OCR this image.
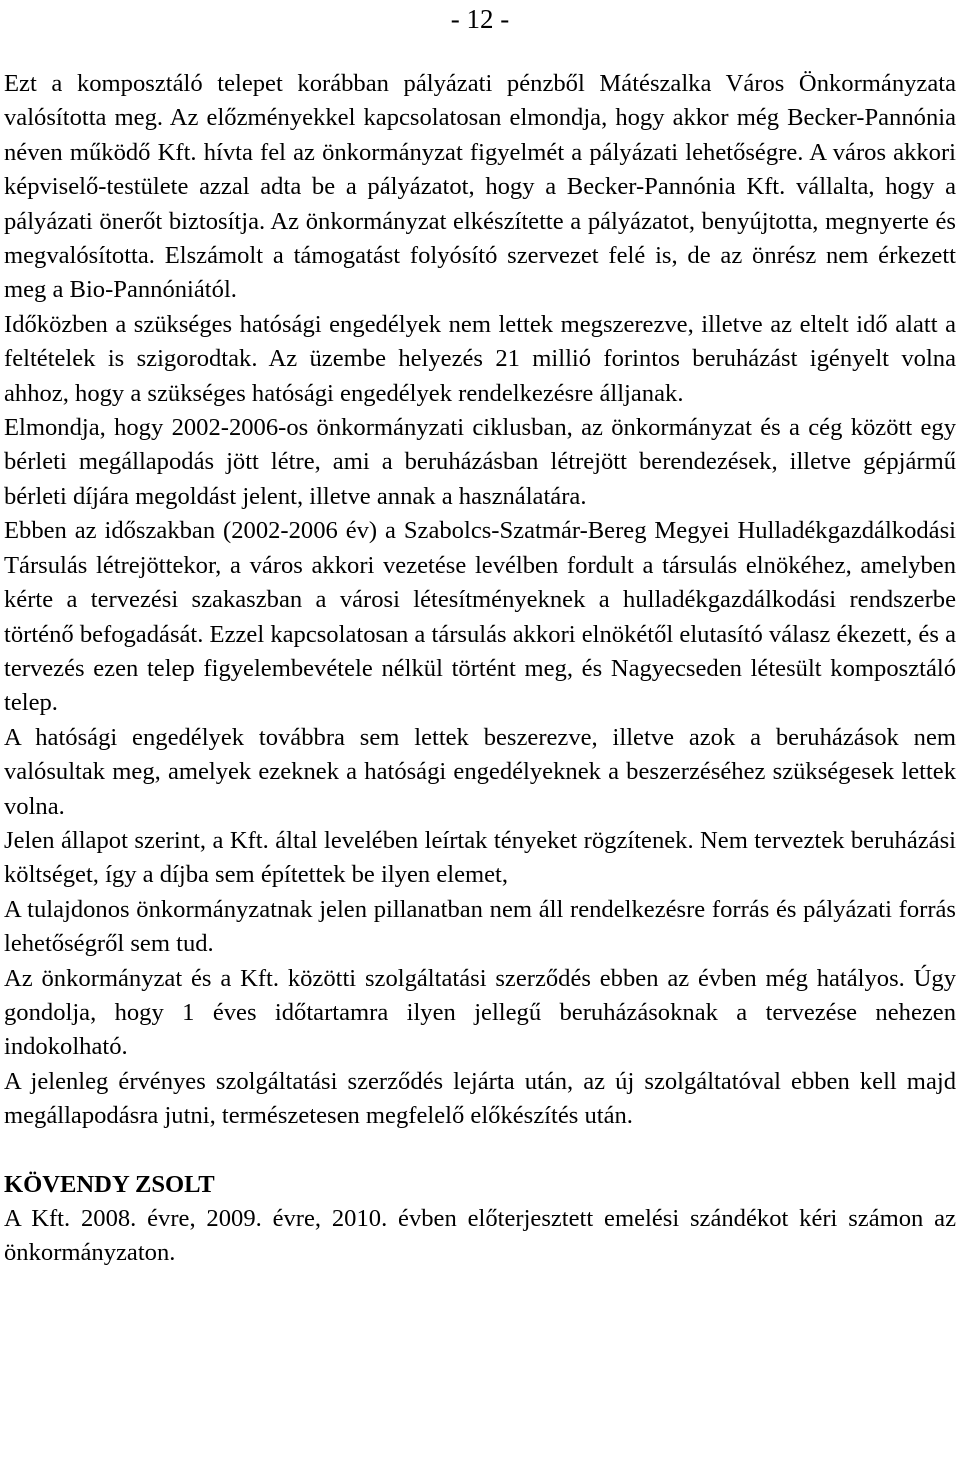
- 12 -

Ezt a komposztáló telepet korábban pályázati pénzből Mátészalka Város Önkormányzata valósította meg. Az előzményekkel kapcsolatosan elmondja, hogy akkor még Becker-Pannónia néven működő Kft. hívta fel az önkormányzat figyelmét a pályázati lehetőségre. A város akkori képviselő-testülete azzal adta be a pályázatot, hogy a Becker-Pannónia Kft. vállalta, hogy a pályázati önerőt biztosítja. Az önkormányzat elkészítette a pályázatot, benyújtotta, megnyerte és megvalósította. Elszámolt a támogatást folyósító szervezet felé is, de az önrész nem érkezett meg a Bio-Pannóniától.

Időközben a szükséges hatósági engedélyek nem lettek megszerezve, illetve az eltelt idő alatt a feltételek is szigorodtak. Az üzembe helyezés 21 millió forintos beruházást igényelt volna ahhoz, hogy a szükséges hatósági engedélyek rendelkezésre álljanak.

Elmondja, hogy 2002-2006-os önkormányzati ciklusban, az önkormányzat és a cég között egy bérleti megállapodás jött létre, ami a beruházásban létrejött berendezések, illetve gépjármű bérleti díjára megoldást jelent, illetve annak a használatára.

Ebben az időszakban (2002-2006 év) a Szabolcs-Szatmár-Bereg Megyei Hulladékgazdálkodási Társulás létrejöttekor, a város akkori vezetése levélben fordult a társulás elnökéhez, amelyben kérte a tervezési szakaszban a városi létesítményeknek a hulladékgazdálkodási rendszerbe történő befogadását. Ezzel kapcsolatosan a társulás akkori elnökétől elutasító válasz ékezett, és a tervezés ezen telep figyelembevétele nélkül történt meg, és Nagyecseden létesült komposztáló telep.

A hatósági engedélyek továbbra sem lettek beszerezve, illetve azok a beruházások nem valósultak meg, amelyek ezeknek a hatósági engedélyeknek a beszerzéséhez szükségesek lettek volna.

Jelen állapot szerint, a Kft. által levelében leírtak tényeket rögzítenek. Nem terveztek beruházási költséget, így a díjba sem építettek be ilyen elemet,

A tulajdonos önkormányzatnak jelen pillanatban nem áll rendelkezésre forrás és pályázati forrás lehetőségről sem tud.

Az önkormányzat és a Kft. közötti szolgáltatási szerződés ebben az évben még hatályos. Úgy gondolja, hogy 1 éves időtartamra ilyen jellegű beruházásoknak a tervezése nehezen indokolható.

A jelenleg érvényes szolgáltatási szerződés lejárta után, az új szolgáltatóval ebben kell majd megállapodásra jutni, természetesen megfelelő előkészítés után.

KÖVENDY ZSOLT

A Kft. 2008. évre, 2009. évre, 2010. évben előterjesztett emelési szándékot kéri számon az önkormányzaton.
